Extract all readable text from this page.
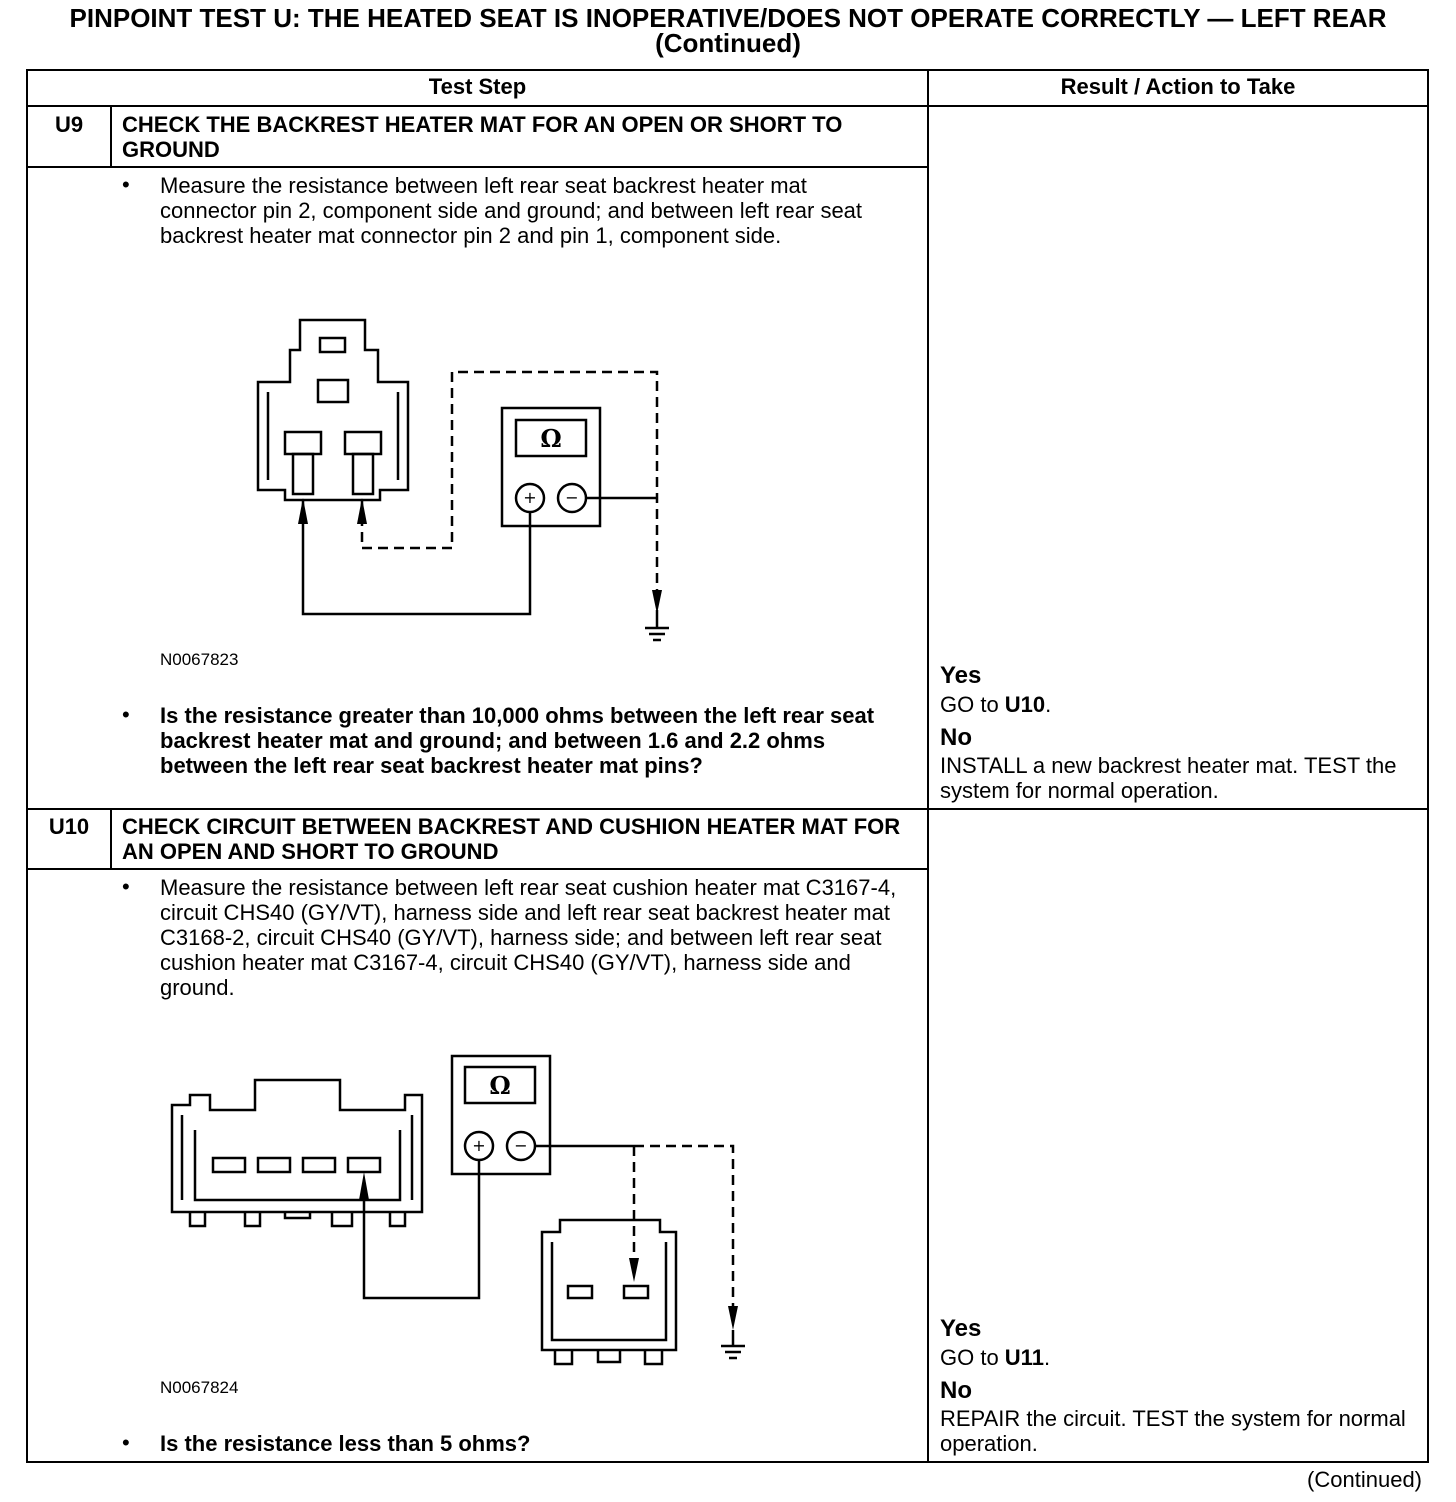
PINPOINT TEST U: THE HEATED SEAT IS INOPERATIVE/DOES NOT OPERATE CORRECTLY — LEFT REAR (Continued)
Test Step	Result / Action to Take
U9	CHECK THE BACKREST HEATER MAT FOR AN OPEN OR SHORT TO GROUND
• Measure the resistance between left rear seat backrest heater mat connector pin 2, component side and ground; and between left rear seat backrest heater mat connector pin 2 and pin 1, component side.
+ −
Ω
N0067823
• Is the resistance greater than 10,000 ohms between the left rear seat backrest heater mat and ground; and between 1.6 and 2.2 ohms between the left rear seat backrest heater mat pins?
Yes
GO to U10.
No
INSTALL a new backrest heater mat. TEST the system for normal operation.
U10	CHECK CIRCUIT BETWEEN BACKREST AND CUSHION HEATER MAT FOR AN OPEN AND SHORT TO GROUND
• Measure the resistance between left rear seat cushion heater mat C3167-4, circuit CHS40 (GY/VT), harness side and left rear seat backrest heater mat C3168-2, circuit CHS40 (GY/VT), harness side; and between left rear seat cushion heater mat C3167-4, circuit CHS40 (GY/VT), harness side and ground.
+ −
Ω
N0067824
• Is the resistance less than 5 ohms?
Yes
GO to U11.
No
REPAIR the circuit. TEST the system for normal operation.
(Continued)
